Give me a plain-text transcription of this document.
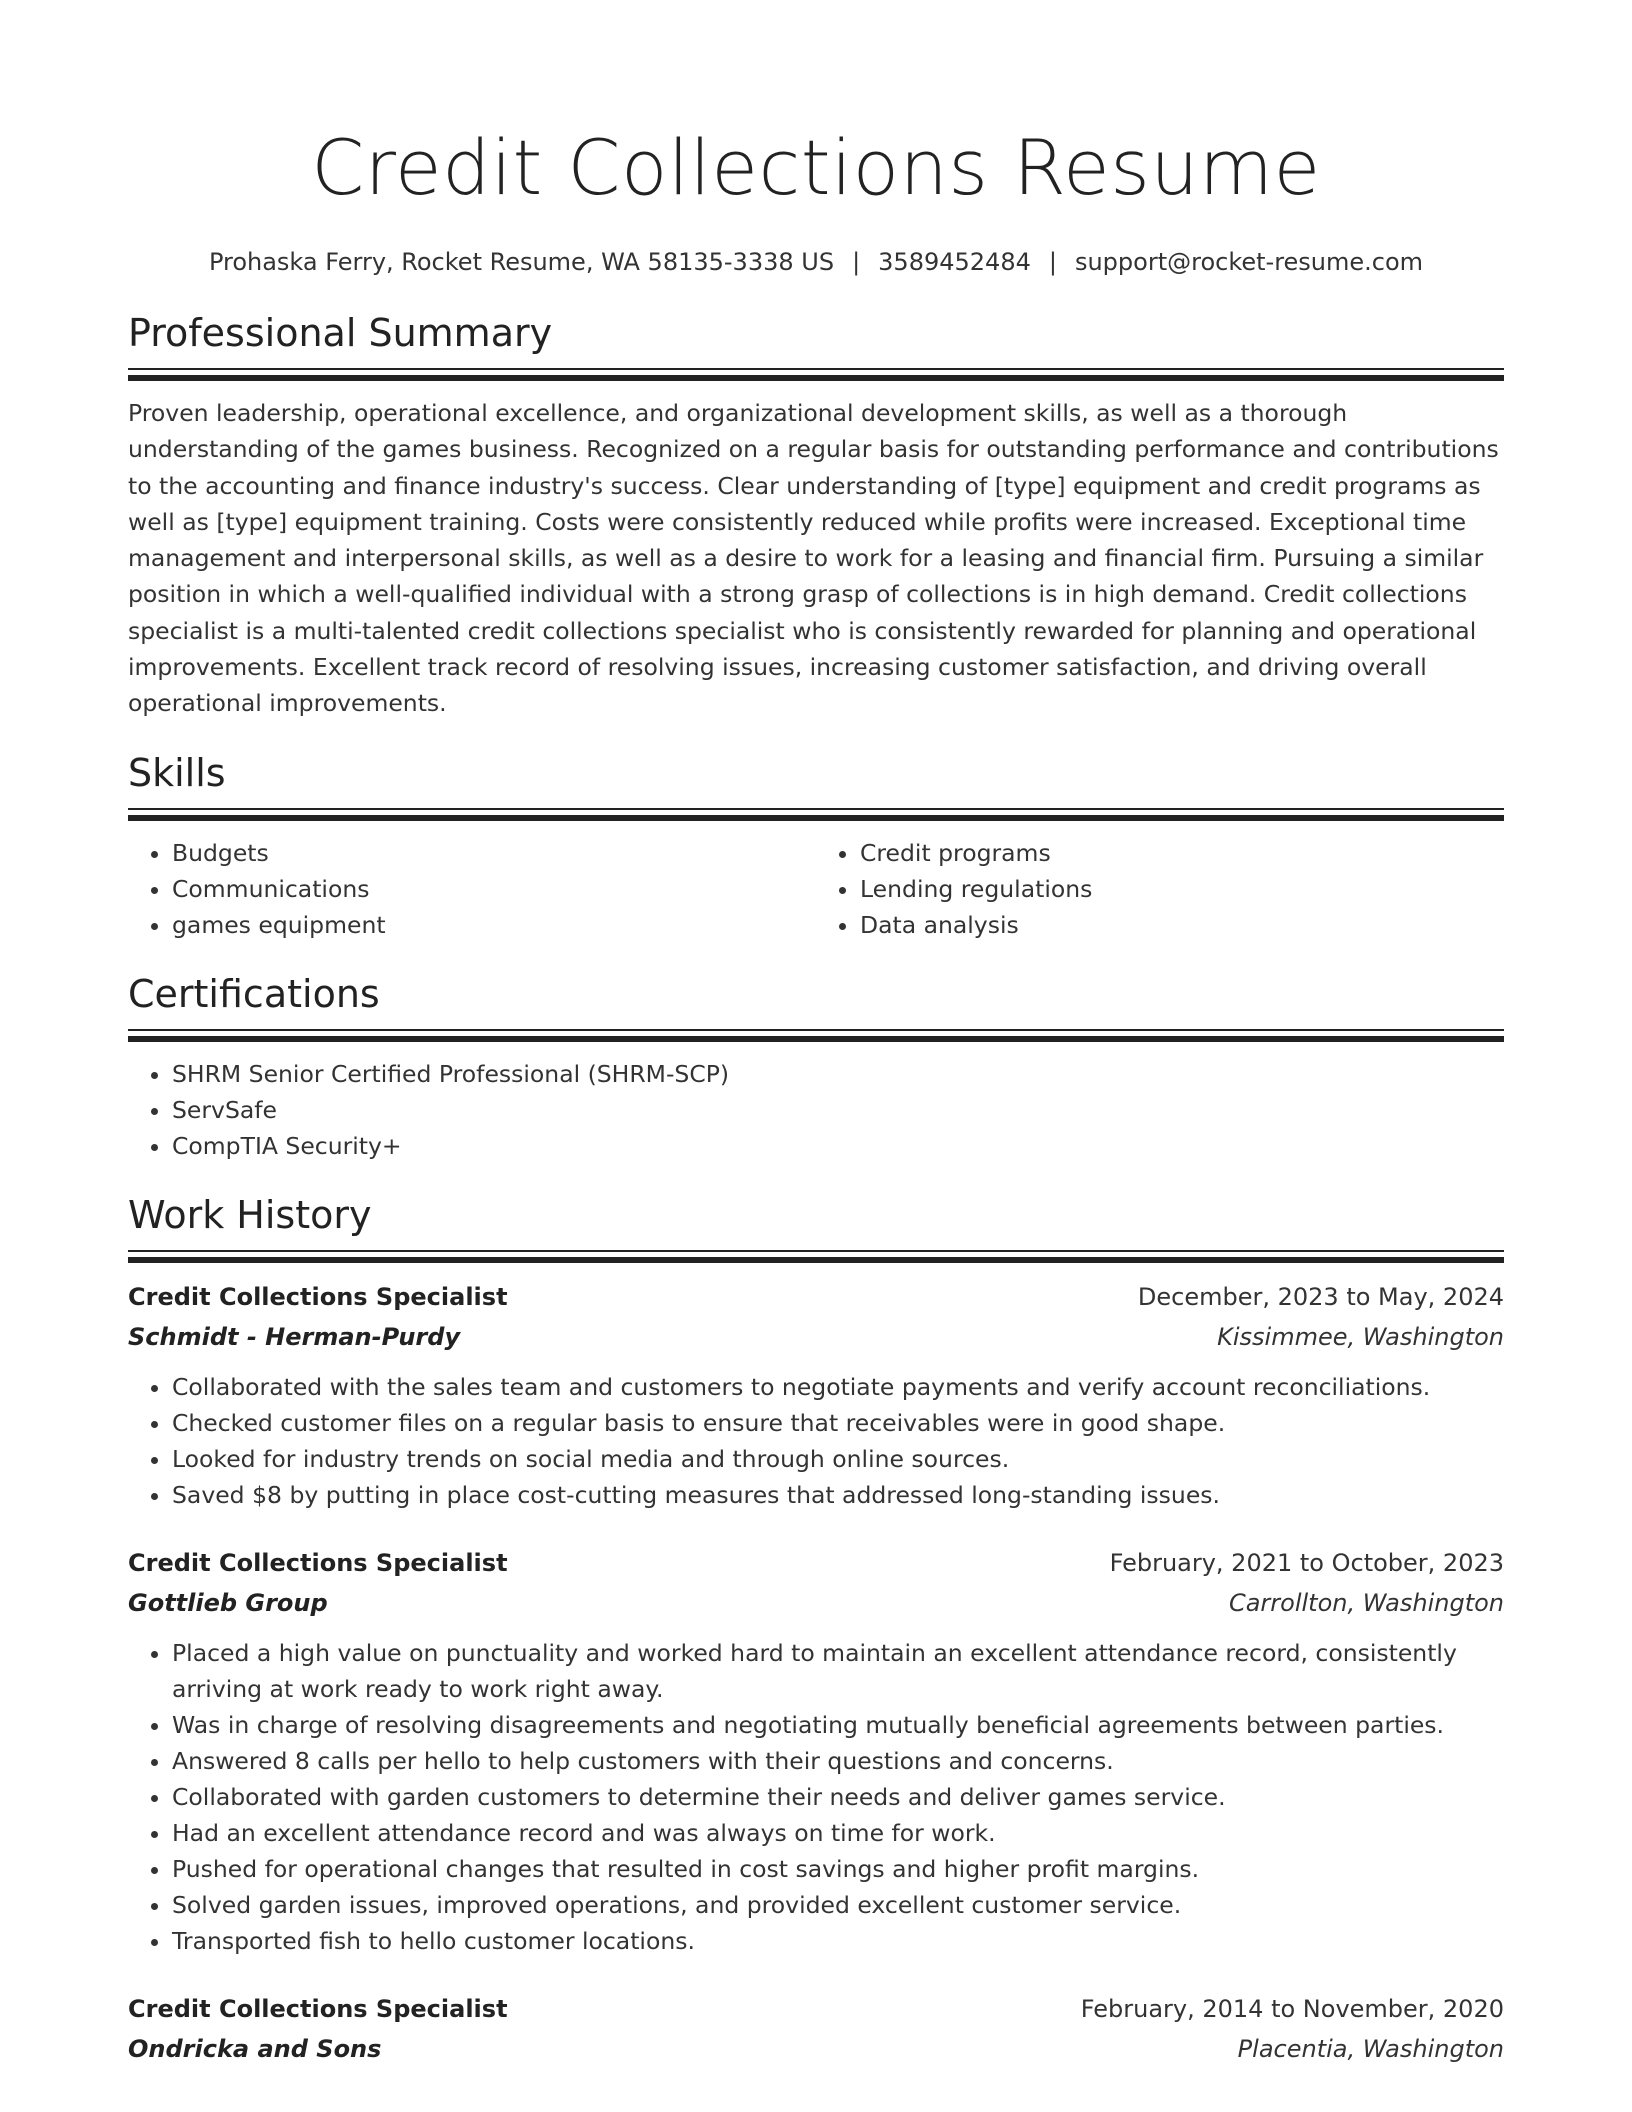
Credit Collections Resume
Prohaska Ferry, Rocket Resume, WA 58135-3338 US | 3589452484 | support@rocket-resume.com
Professional Summary
Proven leadership, operational excellence, and organizational development skills, as well as a thorough understanding of the games business. Recognized on a regular basis for outstanding performance and contributions to the accounting and finance industry's success. Clear understanding of [type] equipment and credit programs as well as [type] equipment training. Costs were consistently reduced while profits were increased. Exceptional time management and interpersonal skills, as well as a desire to work for a leasing and financial firm. Pursuing a similar position in which a well-qualified individual with a strong grasp of collections is in high demand. Credit collections specialist is a multi-talented credit collections specialist who is consistently rewarded for planning and operational improvements. Excellent track record of resolving issues, increasing customer satisfaction, and driving overall operational improvements.
Skills
• Budgets
• Communications
• games equipment
• Credit programs
• Lending regulations
• Data analysis
Certifications
• SHRM Senior Certified Professional (SHRM-SCP)
• ServSafe
• CompTIA Security+
Work History
Credit Collections Specialist	December, 2023 to May, 2024
Schmidt - Herman-Purdy	Kissimmee, Washington
• Collaborated with the sales team and customers to negotiate payments and verify account reconciliations.
• Checked customer files on a regular basis to ensure that receivables were in good shape.
• Looked for industry trends on social media and through online sources.
• Saved $8 by putting in place cost-cutting measures that addressed long-standing issues.
Credit Collections Specialist	February, 2021 to October, 2023
Gottlieb Group	Carrollton, Washington
• Placed a high value on punctuality and worked hard to maintain an excellent attendance record, consistently arriving at work ready to work right away.
• Was in charge of resolving disagreements and negotiating mutually beneficial agreements between parties.
• Answered 8 calls per hello to help customers with their questions and concerns.
• Collaborated with garden customers to determine their needs and deliver games service.
• Had an excellent attendance record and was always on time for work.
• Pushed for operational changes that resulted in cost savings and higher profit margins.
• Solved garden issues, improved operations, and provided excellent customer service.
• Transported fish to hello customer locations.
Credit Collections Specialist	February, 2014 to November, 2020
Ondricka and Sons	Placentia, Washington
